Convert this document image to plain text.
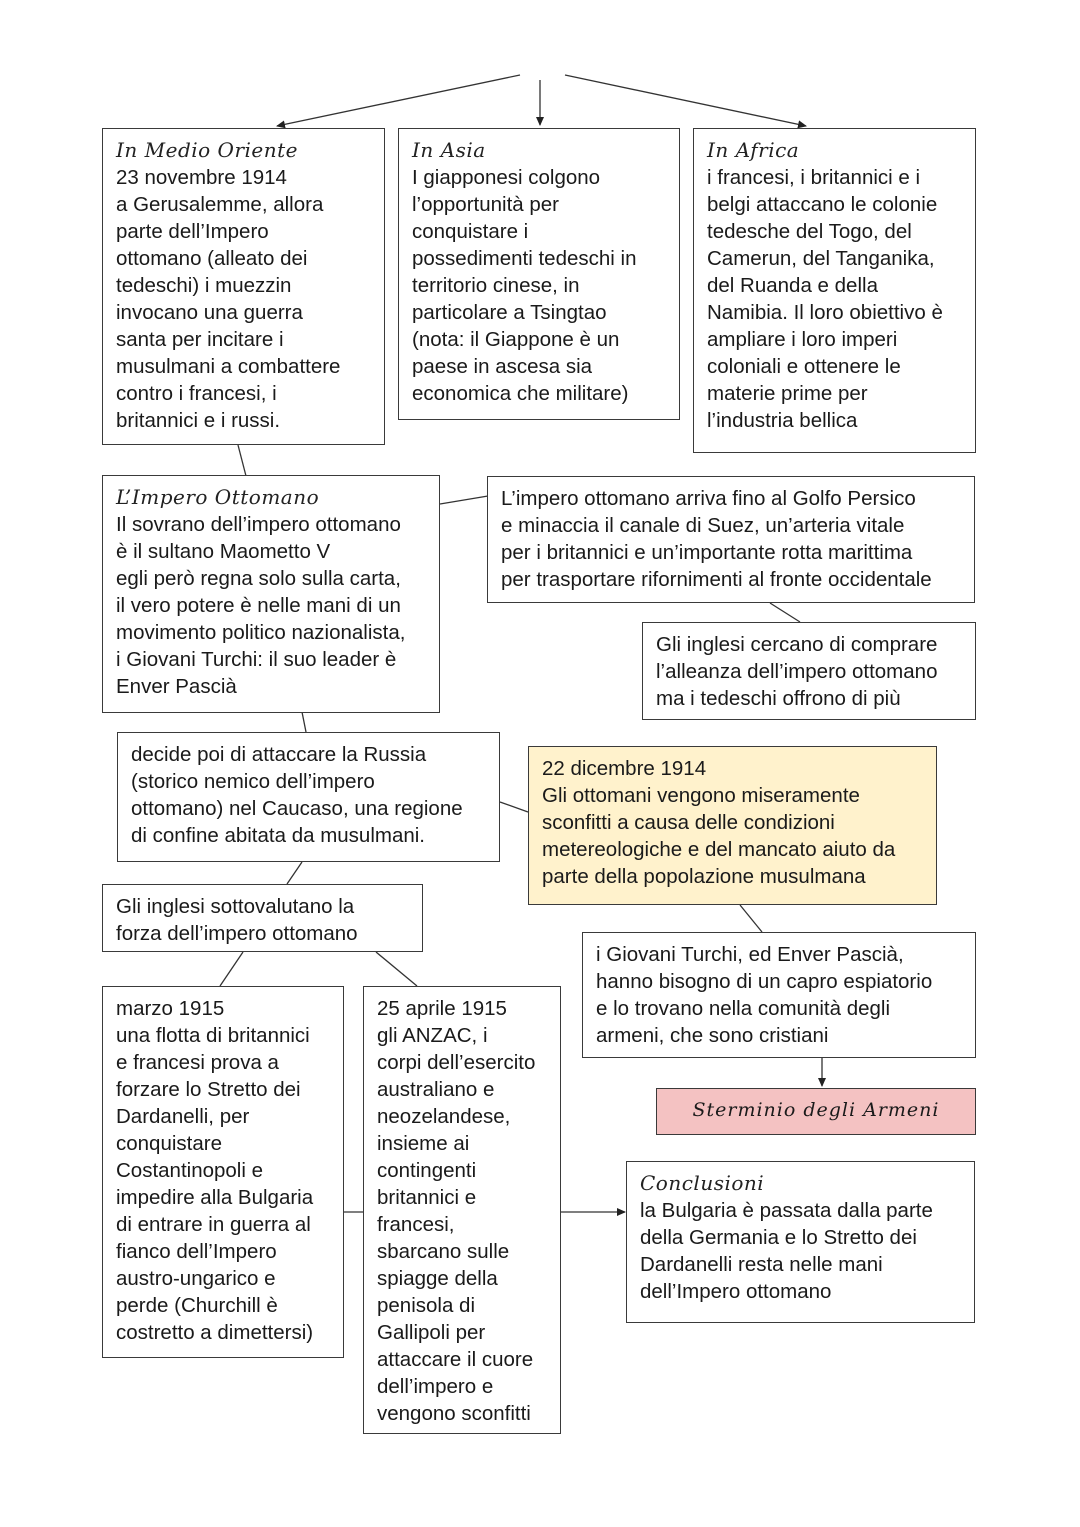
In Medio Oriente
23 novembre 1914
a Gerusalemme, allora
parte dell’Impero
ottomano (alleato dei
tedeschi) i muezzin
invocano una guerra
santa per incitare i
musulmani a combattere
contro i francesi, i
britannici e i russi.
In Asia
I giapponesi colgono
l’opportunità per
conquistare i
possedimenti tedeschi in
territorio cinese, in
particolare a Tsingtao
(nota: il Giappone è un
paese in ascesa sia
economica che militare)
In Africa
i francesi, i britannici e i
belgi attaccano le colonie
tedesche del Togo, del
Camerun, del Tanganika,
del Ruanda e della
Namibia. Il loro obiettivo è
ampliare i loro imperi
coloniali e ottenere le
materie prime per
l’industria bellica
L’Impero Ottomano
Il sovrano dell’impero ottomano
è il sultano Maometto V
egli però regna solo sulla carta,
il vero potere è nelle mani di un
movimento politico nazionalista,
i Giovani Turchi: il suo leader è
Enver Pascià
L’impero ottomano arriva fino al Golfo Persico
e minaccia il canale di Suez, un’arteria vitale
per i britannici e un’importante rotta marittima
per trasportare rifornimenti al fronte occidentale
Gli inglesi cercano di comprare
l’alleanza dell’impero ottomano
ma i tedeschi offrono di più
decide poi di attaccare la Russia
(storico nemico dell’impero
ottomano) nel Caucaso, una regione
di confine abitata da musulmani.
22 dicembre 1914
Gli ottomani vengono miseramente
sconfitti a causa delle condizioni
metereologiche e del mancato aiuto da
parte della popolazione musulmana
Gli inglesi sottovalutano la
forza dell’impero ottomano
i Giovani Turchi, ed Enver Pascià,
hanno bisogno di un capro espiatorio
e lo trovano nella comunità degli
armeni, che sono cristiani
Sterminio degli Armeni
marzo 1915
una flotta di britannici
e francesi prova a
forzare lo Stretto dei
Dardanelli, per
conquistare
Costantinopoli e
impedire alla Bulgaria
di entrare in guerra al
fianco dell’Impero
austro-ungarico e
perde (Churchill è
costretto a dimettersi)
25 aprile 1915
gli ANZAC, i
corpi dell’esercito
australiano e
neozelandese,
insieme ai
contingenti
britannici e
francesi,
sbarcano sulle
spiagge della
penisola di
Gallipoli per
attaccare il cuore
dell’impero e
vengono sconfitti
Conclusioni
la Bulgaria è passata dalla parte
della Germania e lo Stretto dei
Dardanelli resta nelle mani
dell’Impero ottomano
